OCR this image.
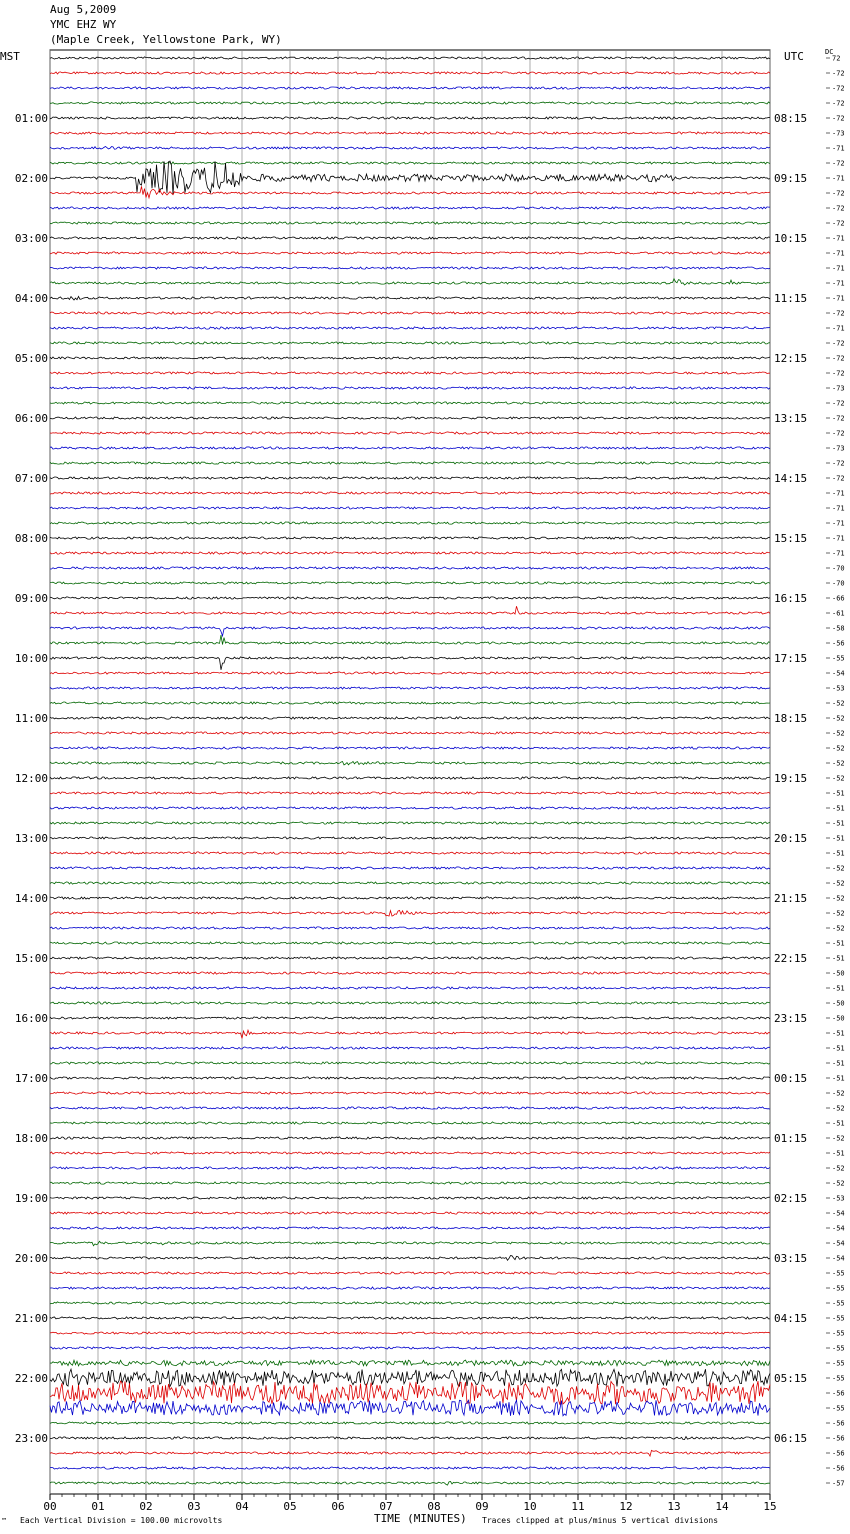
Aug 5,2009
YMC EHZ WY
(Maple Creek, Yellowstone Park, WY)
MST	UTC	DC
00	01	02	03	04	05	06	07	08	09	10	11	12	13	14	15
72
-72
-72
-72
-72
-73
-71
-72
-71
-72
-72
-72
-71
-71
-71
-71
-71
-72
-71
-72
-72
-72
-73
-72
-72
-72
-73
-72
-72
-71
-71
-71
-71
-71
-70
-70
-66
-61
-58
-56
-55
-54
-53
-52
-52
-52
-52
-52
-52
-51
-51
-51
-51
-51
-52
-52
-52
-52
-52
-51
-51
-50
-51
-50
-50
-51
-51
-51
-51
-52
-52
-51
-52
-51
-52
-52
-53
-54
-54
-54
-54
-55
-55
-55
-55
-55
-55
-55
-55
-56
-55
-56
-56
-56
-56
-57
01:00	08:15
02:00	09:15
03:00	10:15
04:00	11:15
05:00	12:15
06:00	13:15
07:00	14:15
08:00	15:15
09:00	16:15
10:00	17:15
11:00	18:15
12:00	19:15
13:00	20:15
14:00	21:15
15:00	22:15
16:00	23:15
17:00	00:15
18:00	01:15
19:00	02:15
20:00	03:15
21:00	04:15
22:00	05:15
23:00	06:15
™ Each Vertical Division = 100.00 microvolts	TIME (MINUTES) Traces clipped at plus/minus 5 vertical divisions
